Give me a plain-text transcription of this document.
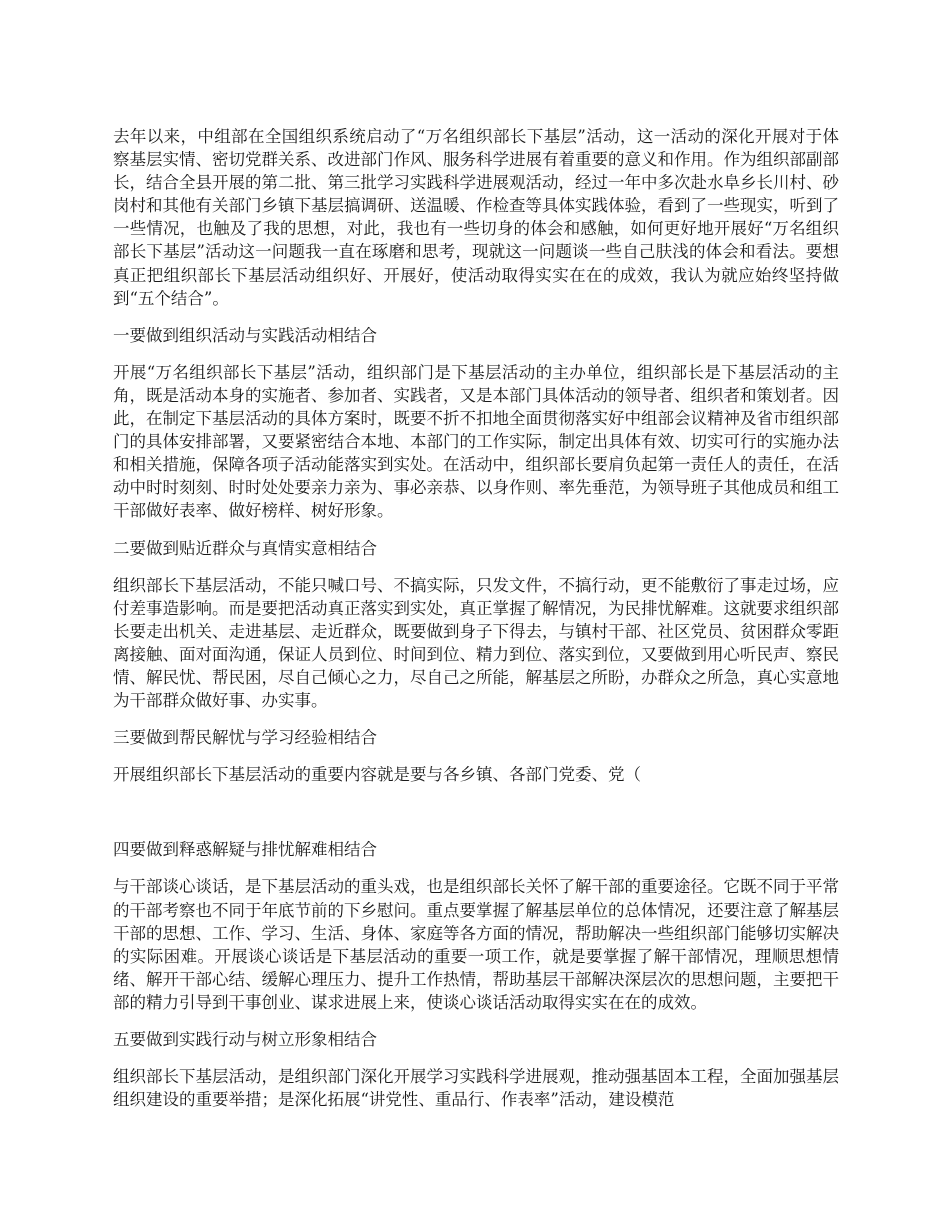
去年以来，中组部在全国组织系统启动了“万名组织部长下基层”活动，这一活动的深化开展对于体察基层实情、密切党群关系、改进部门作风、服务科学进展有着重要的意义和作用。作为组织部副部长，结合全县开展的第二批、第三批学习实践科学进展观活动，经过一年中多次赴水阜乡长川村、砂岗村和其他有关部门乡镇下基层搞调研、送温暖、作检查等具体实践体验，看到了一些现实，听到了一些情况，也触及了我的思想，对此，我也有一些切身的体会和感触，如何更好地开展好“万名组织部长下基层”活动这一问题我一直在琢磨和思考，现就这一问题谈一些自己肤浅的体会和看法。要想真正把组织部长下基层活动组织好、开展好，使活动取得实实在在的成效，我认为就应始终坚持做到“五个结合”。

一要做到组织活动与实践活动相结合

开展“万名组织部长下基层”活动，组织部门是下基层活动的主办单位，组织部长是下基层活动的主角，既是活动本身的实施者、参加者、实践者，又是本部门具体活动的领导者、组织者和策划者。因此，在制定下基层活动的具体方案时，既要不折不扣地全面贯彻落实好中组部会议精神及省市组织部门的具体安排部署，又要紧密结合本地、本部门的工作实际，制定出具体有效、切实可行的实施办法和相关措施，保障各项子活动能落实到实处。在活动中，组织部长要肩负起第一责任人的责任，在活动中时时刻刻、时时处处要亲力亲为、事必亲恭、以身作则、率先垂范，为领导班子其他成员和组工干部做好表率、做好榜样、树好形象。

二要做到贴近群众与真情实意相结合

组织部长下基层活动，不能只喊口号、不搞实际，只发文件，不搞行动，更不能敷衍了事走过场，应付差事造影响。而是要把活动真正落实到实处，真正掌握了解情况，为民排忧解难。这就要求组织部长要走出机关、走进基层、走近群众，既要做到身子下得去，与镇村干部、社区党员、贫困群众零距离接触、面对面沟通，保证人员到位、时间到位、精力到位、落实到位，又要做到用心听民声、察民情、解民忧、帮民困，尽自己倾心之力，尽自己之所能，解基层之所盼，办群众之所急，真心实意地为干部群众做好事、办实事。

三要做到帮民解忧与学习经验相结合

开展组织部长下基层活动的重要内容就是要与各乡镇、各部门党委、党（

四要做到释惑解疑与排忧解难相结合

与干部谈心谈话，是下基层活动的重头戏，也是组织部长关怀了解干部的重要途径。它既不同于平常的干部考察也不同于年底节前的下乡慰问。重点要掌握了解基层单位的总体情况，还要注意了解基层干部的思想、工作、学习、生活、身体、家庭等各方面的情况，帮助解决一些组织部门能够切实解决的实际困难。开展谈心谈话是下基层活动的重要一项工作，就是要掌握了解干部情况，理顺思想情绪、解开干部心结、缓解心理压力、提升工作热情，帮助基层干部解决深层次的思想问题，主要把干部的精力引导到干事创业、谋求进展上来，使谈心谈话活动取得实实在在的成效。

五要做到实践行动与树立形象相结合

组织部长下基层活动，是组织部门深化开展学习实践科学进展观，推动强基固本工程，全面加强基层组织建设的重要举措；是深化拓展“讲党性、重品行、作表率”活动，建设模范
